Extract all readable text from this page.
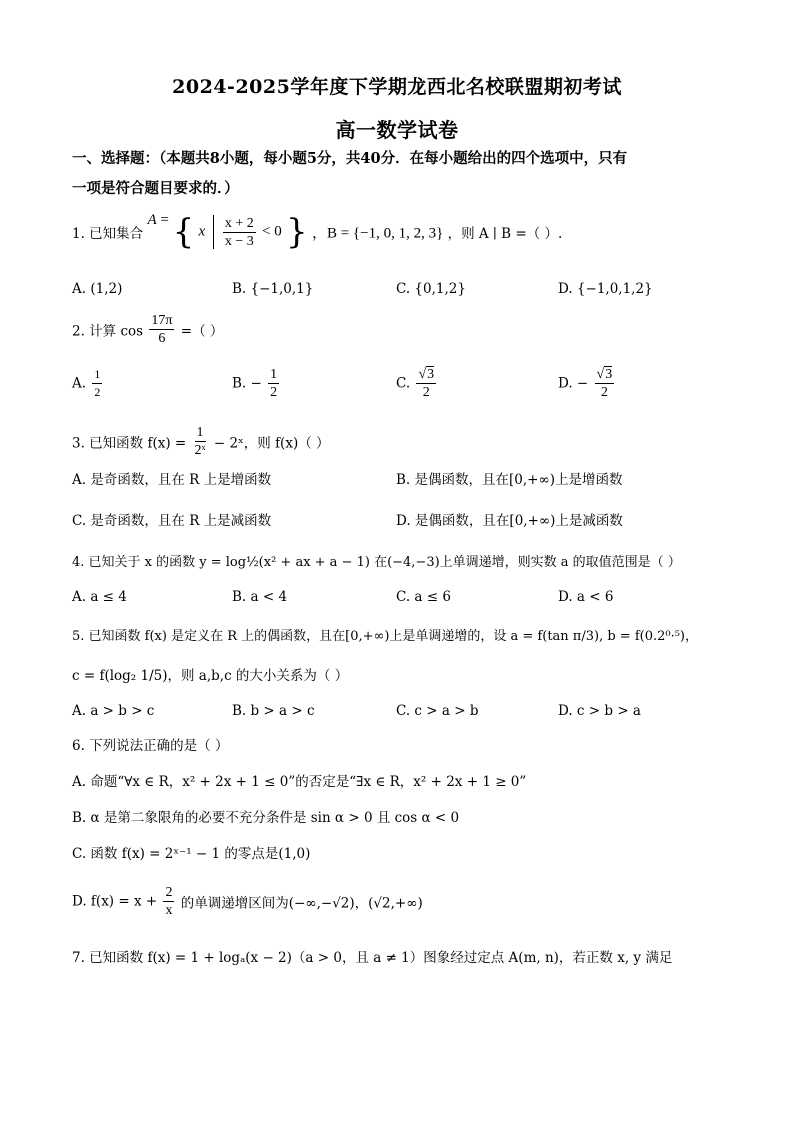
2024-2025学年度下学期龙西北名校联盟期初考试
高一数学试卷
一、选择题：（本题共8小题，每小题5分，共40分．在每小题给出的四个选项中，只有
一项是符合题目要求的．）
1. 已知集合 A = { x $\frac{x + 2}{x - 3} < 0$ } ，B = {−1, 0, 1, 2, 3} ，则 A ∣ B =（ ）.
A. (1,2)	B. {−1,0,1}	C. {0,1,2}	D. {−1,0,1,2}
2. 计算 $\cos \frac{17\pi}{6}$ =（ ）
A. $\frac{1}{2}$	B. − $\frac{1}{2}$	C. $\frac{√3}{2}$	D. − $\frac{√3}{2}$
3. 已知函数 $f(x) = \frac{1}{\text{2ˣ}}$ − 2ˣ，则 f(x)（ ）
A. 是奇函数，且在 R 上是增函数	B. 是偶函数，且在[0,+∞)上是增函数
C. 是奇函数，且在 R 上是减函数	D. 是偶函数，且在[0,+∞)上是减函数
4. 已知关于 x 的函数 y = log½(x² + ax + a − 1) 在(−4,−3)上单调递增，则实数 a 的取值范围是（ ）
A. a ≤ 4	B. a < 4	C. a ≤ 6	D. a < 6
5. 已知函数 f(x) 是定义在 R 上的偶函数，且在[0,+∞)上是单调递增的，设 a = f(tan π/3), b = f(0.2⁰·⁵)，
c = f(log₂ 1/5)，则 a,b,c 的大小关系为（ ）
A. a > b > c	B. b > a > c	C. c > a > b	D. c > b > a
6. 下列说法正确的是（ ）
A. 命题“∀x ∈ R，x² + 2x + 1 ≤ 0”的否定是“∃x ∈ R，x² + 2x + 1 ≥ 0”
B. α 是第二象限角的必要不充分条件是 sin α > 0 且 cos α < 0
C. 函数 f(x) = 2ˣ⁻¹ − 1 的零点是(1,0)
D. $f(x) = x + \frac{2}{x}$ 的单调递增区间为(−∞,−√2)，(√2,+∞)
7. 已知函数 f(x) = 1 + logₐ(x − 2)（a > 0，且 a ≠ 1）图象经过定点 A(m, n)，若正数 x, y 满足
